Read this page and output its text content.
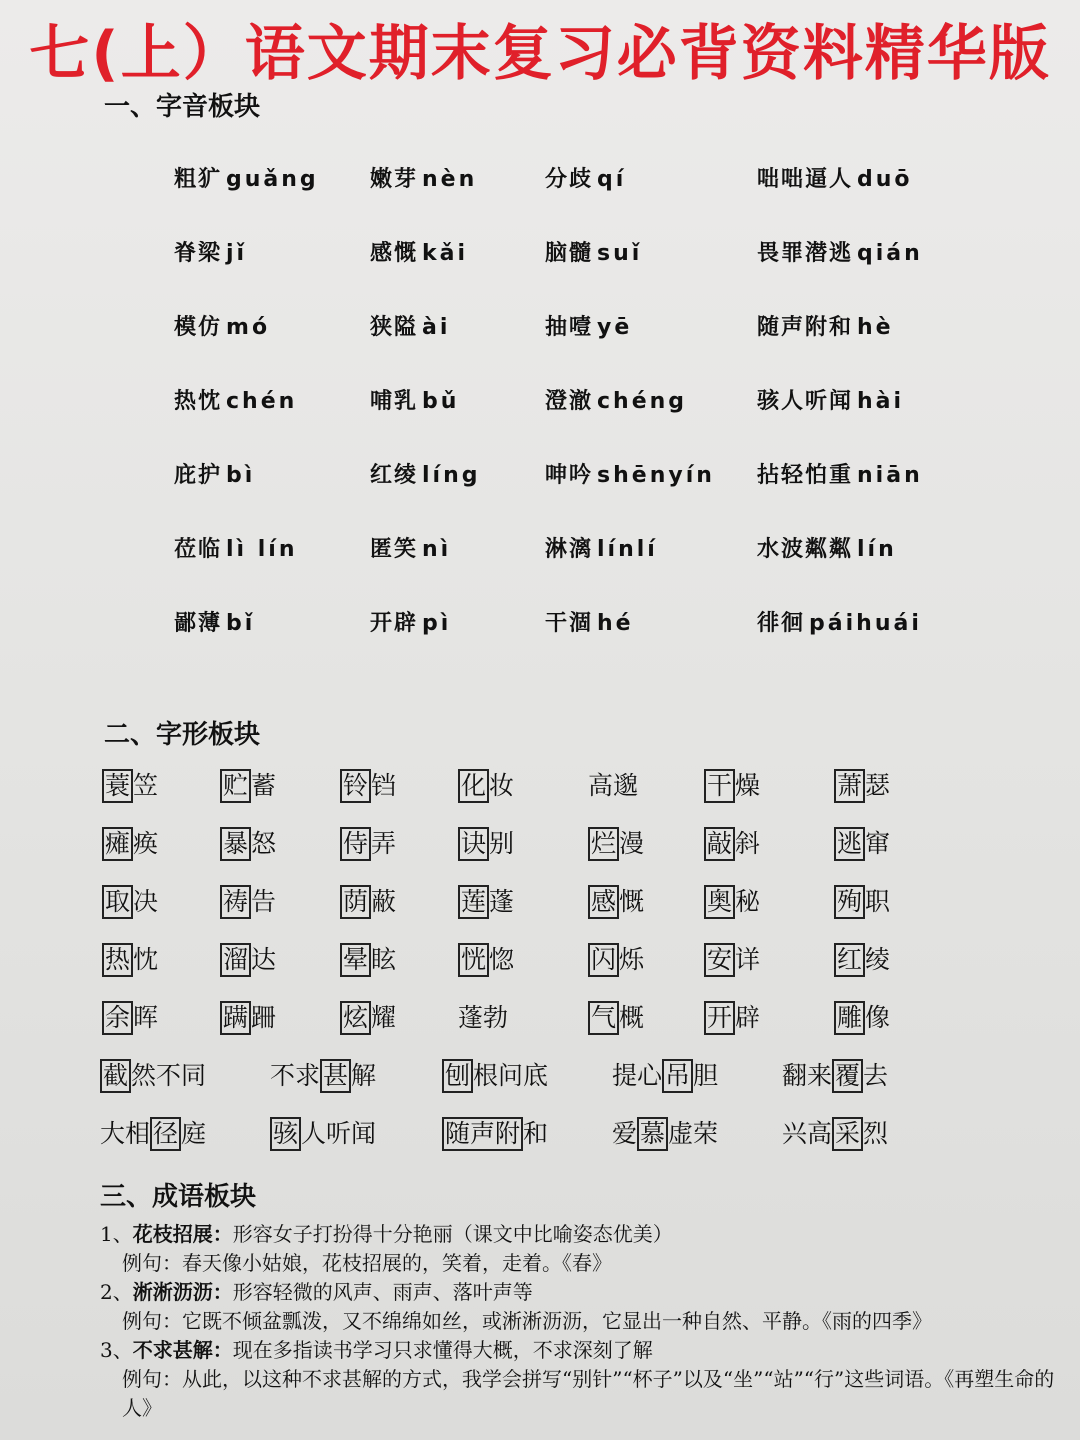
七(上）语文期末复习必背资料精华版
一、字音板块
粗犷 guǎng 嫩芽 nèn	分歧 qí	咄咄逼人 duō
脊梁 jǐ	感慨 kǎi	脑髓 suǐ	畏罪潜逃 qián
模仿 mó	狭隘 ài	抽噎 yē	随声附和 hè
热忱 chén	哺乳 bǔ	澄澈 chéng	骇人听闻 hài
庇护 bì	红绫 líng	呻吟 shēnyín 拈轻怕重 niān
莅临 lì lín	匿笑 nì	淋漓 línlí	水波粼粼 lín
鄙薄 bǐ	开辟 pì	干涸 hé	徘徊 páihuái
二、字形板块
蓑 笠	贮 蓄	铃 铛	化 妆	高邈	干 燥	萧 瑟
瘫 痪	暴 怒	侍 弄	诀 别	烂 漫	敲 斜	逃 窜
取 决	祷 告	荫 蔽	莲 蓬	感 慨	奥 秘	殉 职
热 忱	溜 达	晕 眩	恍 惚	闪 烁	安 详	红 绫
余 晖	蹒 跚	炫 耀 蓬勃	气 概	开 辟	雕 像
截 然不同	不求 甚 解	刨 根问底	提心 吊 胆	翻来 覆 去
大相 径 庭	骇 人听闻	随声附 和	爱 慕 虚荣	兴高 采 烈
三、成语板块
1、花枝招展：形容女子打扮得十分艳丽（课文中比喻姿态优美）
例句：春天像小姑娘，花枝招展的，笑着，走着。《春》
2、淅淅沥沥：形容轻微的风声、雨声、落叶声等
例句：它既不倾盆瓢泼，又不绵绵如丝，或淅淅沥沥，它显出一种自然、平静。《雨的四季》
3、不求甚解：现在多指读书学习只求懂得大概，不求深刻了解
例句：从此，以这种不求甚解的方式，我学会拼写“别针”“杯子”以及“坐”“站”“行”这些词语。《再塑生命的人》
